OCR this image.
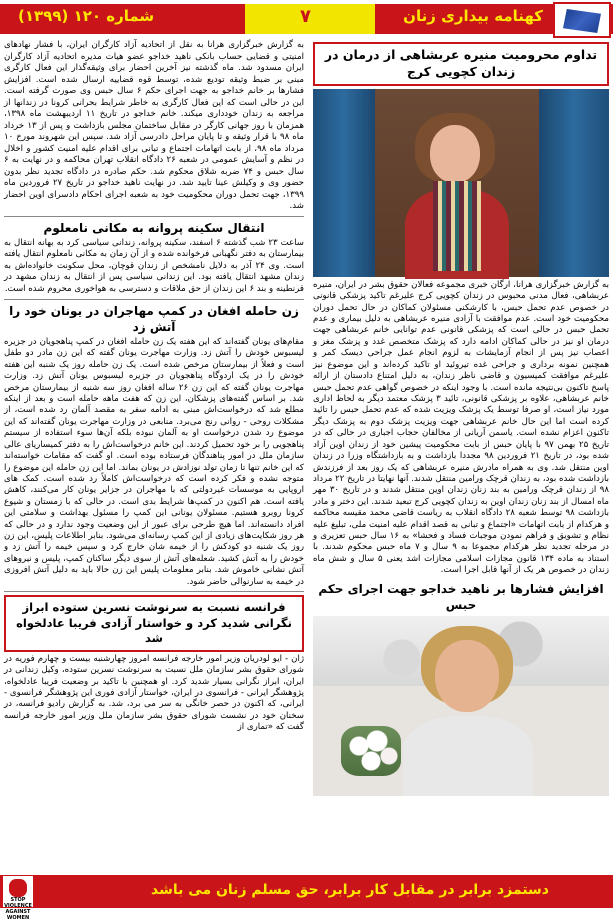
کهنامه بیداری زنان
۷
شماره ۱۲۰ (۱۳۹۹)
تداوم محرومیت منیره عربشاهی از درمان در زندان کچویی کرج
به گزارش خبرگزاری هرانا، ارگان خبری مجموعه فعالان حقوق بشر در ایران، منیره عربشاهی، فعال مدنی محبوس در زندان کچویی کرج علیرغم تاکید پزشکی قانونی در خصوص عدم تحمل حبس، با کارشکنی مسئولان کماکان در حال تحمل دوران محکومیت خود است. عدم موافقت با آزادی منیره عربشاهی به دلیل بیماری و عدم تحمل حبس در حالی است که پزشکی قانونی عدم توانایی خانم عربشاهی جهت درمان او نیز در حالی کماکان ادامه دارد که پزشک متخصص غدد و پزشک مغز و اعصاب نیز پس از انجام آزمایشات به لزوم انجام عمل جراحی دیسک کمر و همچنین نمونه برداری و جراحی غده تیروئید او تاکید کرده‌اند و این موضوع نیز علیرغم موافقت کمیسیون و قاضی ناظر زندان، به دلیل امتناع دادستان از ارائه پاسخ تاکنون بی‌نتیجه مانده است. با وجود اینکه در خصوص گواهی عدم تحمل حبس خانم عربشاهی، علاوه بر پزشکی قانونی، تائید ۳ پزشک معتمد دیگر به لحاظ اداری مورد نیاز است، او صرفا توسط یک پزشک ویزیت شده که عدم تحمل حبس را تائید کرده است اما این حال خانم عربشاهی جهت ویزیت پزشک دوم به پزشک دیگر تاکنون اعزام نشده است. یاسمن آریانی از مخالفان حجاب اجباری در حالی که در تاریخ ۲۵ بهمن ۹۷ با پایان حبس از بابت محکومیت پیشین خود از زندان اوین آزاد شده بود، در تاریخ ۲۱ فروردین ۹۸ مجددا بازداشت و به بازداشتگاه وزرا در زندان اوین منتقل شد. وی به همراه مادرش منیره عربشاهی که یک روز بعد از فرزندش بازداشت شده بود، به زندان قرچک ورامین منتقل شدند. آنها نهایتا در تاریخ ۲۲ مرداد ۹۸ از زندان قرچک ورامین به بند زنان زندان اوین منتقل شدند و در تاریخ ۳۰ مهر ماه امسال از بند زنان زندان اوین به زندان کچویی کرج تبعید شدند. این دختر و مادر بازداشت ۹۸ توسط شعبه ۲۸ دادگاه انقلاب به ریاست قاضی محمد مقیسه محاکمه و هرکدام از بابت اتهامات «اجتماع و تبانی به قصد اقدام علیه امنیت ملی، تبلیغ علیه نظام و تشویق و فراهم نمودن موجبات فساد و فحشا» به ۱۶ سال حبس تعزیری و در مرحله تجدید نظر هرکدام مجموعا به ۹ سال و ۷ ماه حبس محکوم شدند. با استناد به ماده ۱۳۴ قانون مجازات اسلامی مجازات اشد یعنی ۵ سال و شش ماه زندان در خصوص هر یک از آنها قابل اجرا است.
افزایش فشارها بر ناهید خداجو جهت اجرای حکم حبس
به گزارش خبرگزاری هرانا به نقل از اتحادیه آزاد کارگران ایران، با فشار نهادهای امنیتی و قضایی حساب بانکی ناهید خداجو عضو هیات مدیره اتحادیه آزاد کارگران ایران مسدود شد. ماه گذشته نیز آخرین احضار برای وثیقه‌گذار این فعال کارگری مبنی بر ضبط وثیقه تودیع شده، توسط قوه قضاییه ارسال شده است. افزایش فشارها بر خانم خداجو به جهت اجرای حکم ۶ سال حبس وی صورت گرفته است. این در حالی است که این فعال کارگری به خاطر شرایط بحرانی کرونا در زندانها از مراجعه به زندان خودداری میکند. خانم خداجو در تاریخ ۱۱ اردیبهشت ماه ۱۳۹۸، همزمان با روز جهانی کارگر در مقابل ساختمان مجلس بازداشت و پس از ۱۳ خرداد ماه ۹۸ با قرار وثیقه و تا پایان مراحل دادرسی آزاد شد. سپس این شهروند مورخ ۱۰ مرداد ماه ۹۸، از بابت اتهامات اجتماع و تبانی برای اقدام علیه امنیت کشور و اخلال در نظم و آسایش عمومی در شعبه ۲۶ دادگاه انقلاب تهران محاکمه و در نهایت به ۶ سال حبس و ۷۴ ضربه شلاق محکوم شد. حکم صادره در دادگاه تجدید نظر بدون حضور وی و وکیلش عینا تایید شد. در نهایت ناهید خداجو در تاریخ ۲۷ فروردین ماه ۱۳۹۹، جهت تحمل دوران محکومیت خود به شعبه اجرای احکام دادسرای اوین احضار شد.
انتقال سکینه پروانه به مکانی نامعلوم
ساعت ۲۳ شب گذشته ۶ اسفند، سکینه پروانه، زندانی سیاسی کرد به بهانه انتقال به بیمارستان به دفتر نگهبانی فرخوانده شده و از آن زمان به مکانی نامعلوم انتقال یافته است. وی ۲۴ آذر به دلایل نامشخص از زندان قوچان، محل سکونت خانواده‌اش به زندان مشهد انتقال یافته بود. این زندانی سیاسی پس از انتقال به زندان مشهد در قرنطینه و بند ۶ این زندان از حق ملاقات و دسترسی به هواخوری محروم شده است.
زن حامله افغان در کمپ مهاجران در یونان خود را آتش زد
مقام‌های یونان گفته‌اند که این هفته یک زن حامله افغان در کمپ پناهجویان در جزیره لیسبوس خودش را آتش زد. وزارت مهاجرت یونان گفته که این زن مادر دو طفل است و فعلاً از بیمارستان مرخص شده است. یک زن حامله روز یک شنبه این هفته خودش را در یک اردوگاه پناهجویان در جزیره لیسبوس یونان آتش زد. وزارت مهاجرت یونان گفته که این زن ۲۶ ساله افغان روز سه شنبه از بیمارستان مرخص شد. بر اساس گفته‌های پزشکان، این زن که هفت ماهه حامله است و بعد از اینکه مطلع شد که درخواست‌اش مبنی به ادامه سفر به مقصد آلمان رد شده است، از مشکلات روحی - روانی رنج می‌برد. منابعی در وزارت مهاجرت یونان گفته‌اند که این موضوع رد شدن درخواست او به آلمان نبوده بلکه آن‌ها سوء استفاده از سیستم پناهجویی را بر خود تحمیل کردند. این خانم درخواست‌اش را به دفتر کمیساریای عالی سازمان ملل در امور پناهندگان فرستاده بوده است. او گفت که مقامات خواسته‌اند که این خانم تنها تا زمان تولد نوزادش در یونان بماند. اما این زن حامله این موضوع را متوجه نشده و فکر کرده است که درخواست‌اش کاملاً رد شده است. کمک های اروپایی به موسسات غیردولتی که با مهاجران در جزایر یونان کار می‌کنند، کاهش یافته است. هم اکنون در کمپ‌ها شرایط بدی است. در حالی که با زمستان و شیوع کرونا روبرو هستیم. مسئولان یونانی این کمپ را مسئول بهداشت و سلامتی این افراد دانسته‌اند. اما هیچ طرحی برای عبور از این وضعیت وجود ندارد و در حالی که هر روز شکایت‌های زیادی از این کمپ رسانه‌ای می‌شود. بنابر اطلاعات پلیس، این زن روز یک شنبه دو کودکش را از خیمه شان خارج کرد و سپس خیمه را آتش زد و خودش را به آتش کشید. شعله‌های آتش از سوی دیگر ساکنان کمپ، پلیس و نیروهای آتش نشانی خاموش شد. بنابر معلومات پلیس این زن حالا باید به دلیل آتش افروزی در خیمه به سارنوالی حاضر شود.
فرانسه نسبت به سرنوشت نسرین ستوده ابراز نگرانی شدید کرد و خواستار آزادی فریبا عادلخواه شد
ژان - ایو لودریان وزیر امور خارجه فرانسه امروز چهارشنبه بیست و چهارم فوریه در شورای حقوق بشر سازمان ملل نسبت به سرنوشت نسرین ستوده، وکیل زندانی در ایران، ابراز نگرانی بسیار شدید کرد. او همچنین با تاکید بر وضعیت فریبا عادلخواه، پژوهشگر ایرانی - فرانسوی در ایران، خواستار آزادی فوری این پژوهشگر فرانسوی - ایرانی، که اکنون در حصر خانگی به سر می برد، شد. به گزارش رادیو فرانسه، در سخنان خود در نشست شورای حقوق بشر سازمان ملل وزیر امور خارجه فرانسه گفت که «تماری از
STOP VIOLENCE AGAINST WOMEN
دستمزد برابر در مقابل کار برابر، حق مسلم زنان می باشد
